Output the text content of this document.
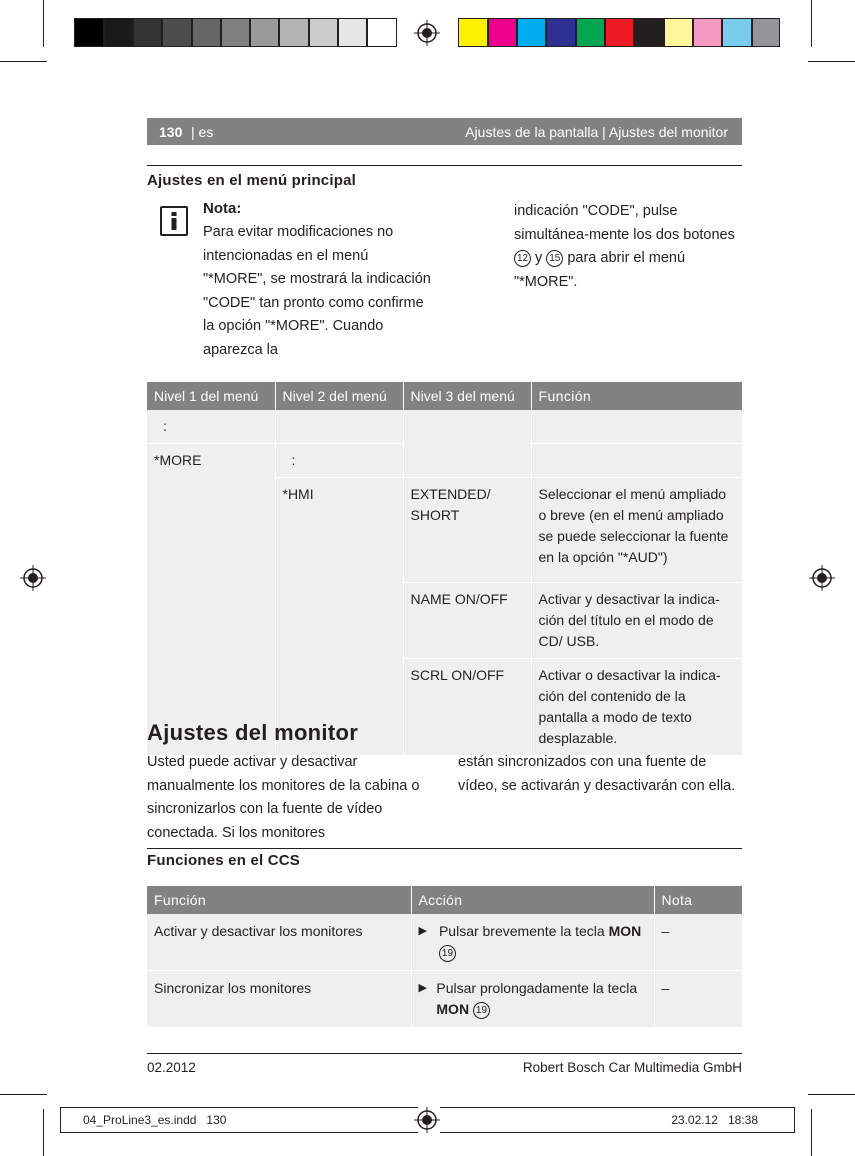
130 | es	Ajustes de la pantalla | Ajustes del monitor
Ajustes en el menú principal
Nota:
Para evitar modificaciones no intencionadas en el menú "*MORE", se mostrará la indicación "CODE" tan pronto como confirme la opción "*MORE". Cuando aparezca la
indicación "CODE", pulse simultánea-mente los dos botones 12 y 15 para abrir el menú "*MORE".
Nivel 1 del menú	Nivel 2 del menú	Nivel 3 del menú	Función
:			
*MORE	:		
	*HMI	EXTENDED/ SHORT	Seleccionar el menú ampliado o breve (en el menú ampliado se puede seleccionar la fuente en la opción "*AUD")
		NAME ON/OFF	Activar y desactivar la indica-ción del título en el modo de CD/ USB.
		SCRL ON/OFF	Activar o desactivar la indica-ción del contenido de la pantalla a modo de texto desplazable.
Ajustes del monitor
Usted puede activar y desactivar manualmente los monitores de la cabina o sincronizarlos con la fuente de vídeo conectada. Si los monitores
están sincronizados con una fuente de vídeo, se activarán y desactivarán con ella.
Funciones en el CCS
Función	Acción	Nota
Activar y desactivar los monitores	▶ Pulsar brevemente la tecla MON 19	–
Sincronizar los monitores	▶ Pulsar prolongadamente la tecla MON 19	–
02.2012	Robert Bosch Car Multimedia GmbH
04_ProLine3_es.indd   130	23.02.12   18:38
